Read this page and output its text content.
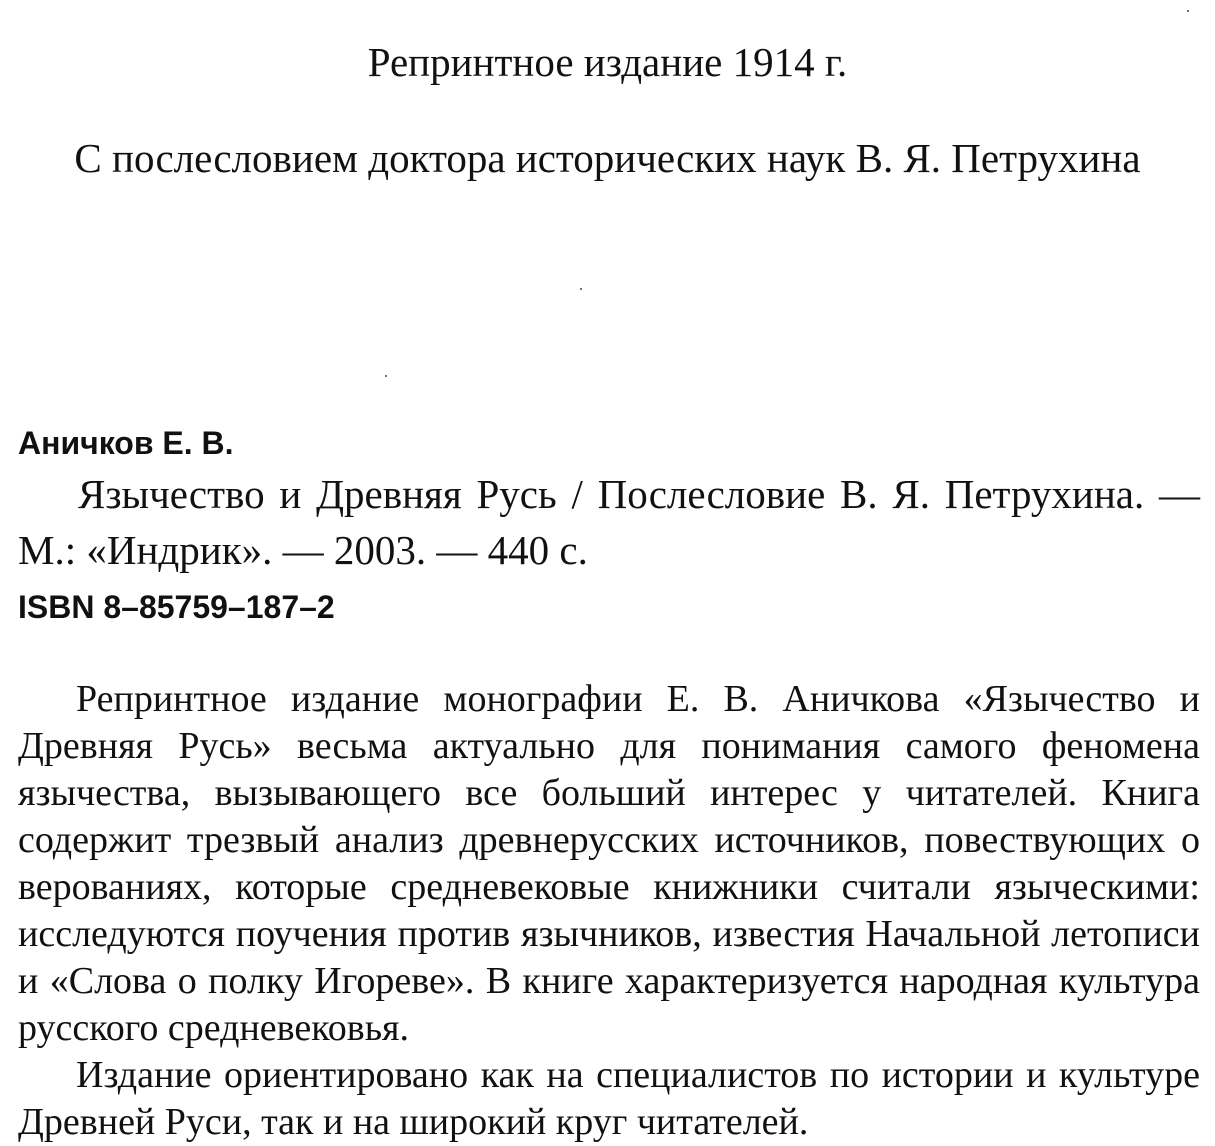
Репринтное издание 1914 г.
С послесловием доктора исторических наук В. Я. Петрухина

Аничков Е. В.

Язычество и Древняя Русь / Послесловие В. Я. Петрухина. — М.: «Индрик». — 2003. — 440 с.

ISBN 8–85759–187–2

Репринтное издание монографии Е. В. Аничкова «Язычество и Древняя Русь» весьма актуально для понимания самого феномена язычества, вызывающего все больший интерес у читателей. Книга содержит трезвый анализ древнерусских источников, повествующих о верованиях, которые средневековые книжники считали языческими: исследуются поучения против язычников, известия Начальной летописи и «Слова о полку Игореве». В книге характеризуется народная культура русского средневековья.

Издание ориентировано как на специалистов по истории и культуре Древней Руси, так и на широкий круг читателей.
